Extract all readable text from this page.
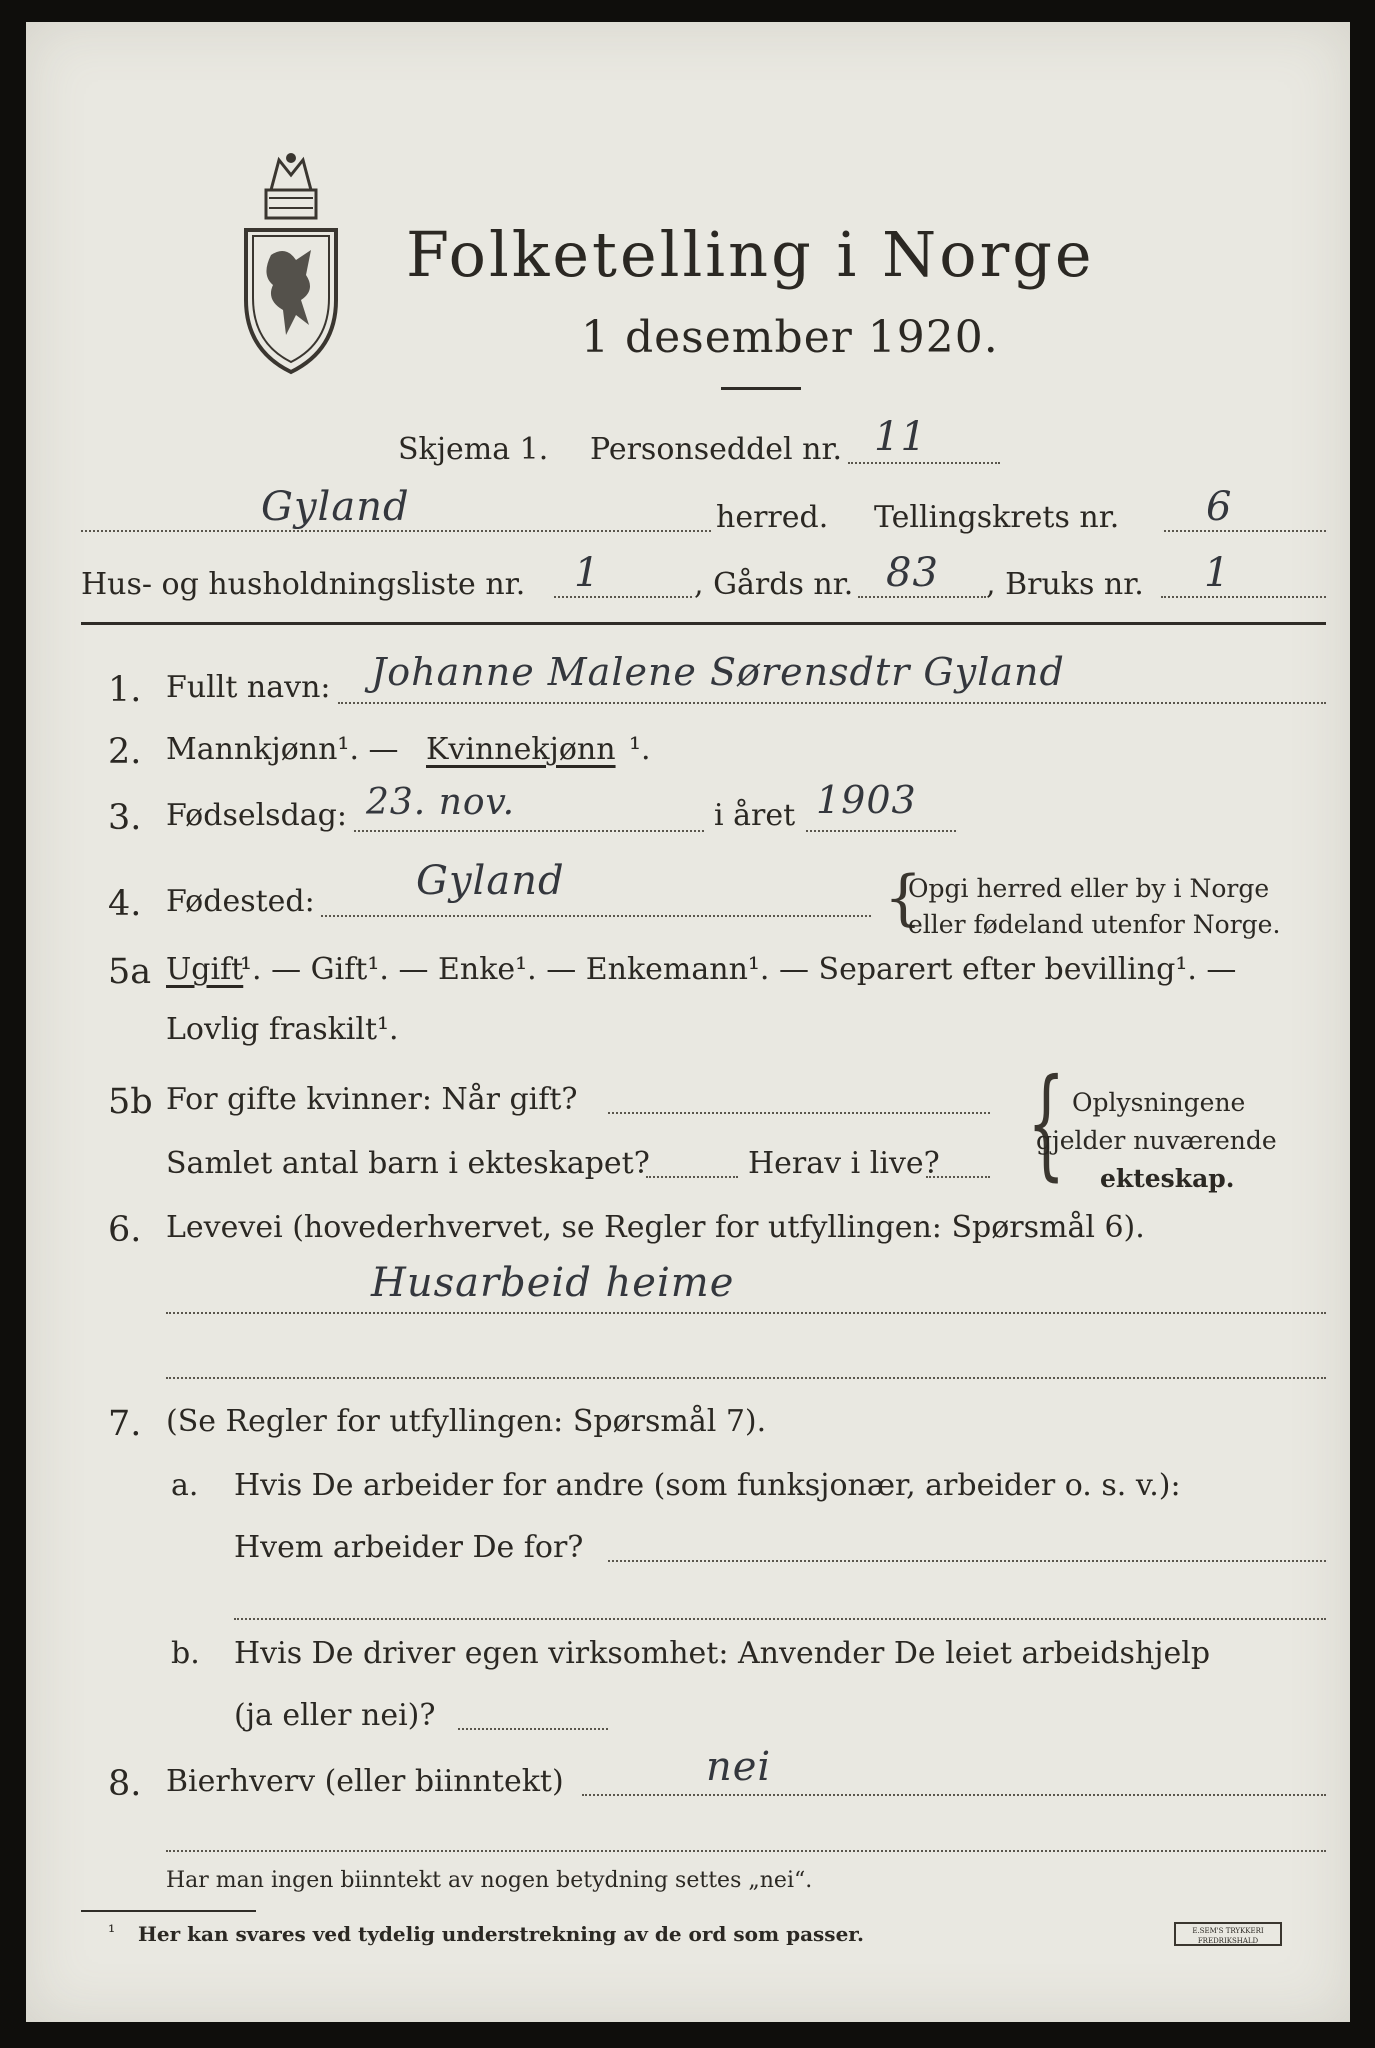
Folketelling i Norge
1 desember 1920.
Skjema 1. Personseddel nr. 11
Gyland	herred. Tellingskrets nr. 6
Hus- og husholdningsliste nr. 1	, Gårds nr. 83 , Bruks nr. 1
1. Fullt navn: Johanne Malene Sørensdtr Gyland
2. Mannkjønn¹. — Kvinnekjønn ¹.
3. Fødselsdag: 23. nov.	i året 1903
4. Fødested:	Gyland	{
Opgi herred eller by i Norge
eller fødeland utenfor Norge.
5a Ugift
¹. — Gift¹. — Enke¹. — Enkemann¹. — Separert efter bevilling¹. —
Lovlig fraskilt¹.
5b For gifte kvinner: Når gift?
Samlet antal barn i ekteskapet?	Herav i live? { Oplysningene
gjelder nuværende
ekteskap.
6. Levevei (hovederhvervet, se Regler for utfyllingen: Spørsmål 6).
Husarbeid heime
7. (Se Regler for utfyllingen: Spørsmål 7).
a. Hvis De arbeider for andre (som funksjonær, arbeider o. s. v.):
Hvem arbeider De for?
b. Hvis De driver egen virksomhet: Anvender De leiet arbeidshjelp
(ja eller nei)?
8. Bierhverv (eller biinntekt)	nei
Har man ingen biinntekt av nogen betydning settes „nei“.
¹ Her kan svares ved tydelig understrekning av de ord som passer.	E.SEM'S TRYKKERI FREDRIKSHALD
